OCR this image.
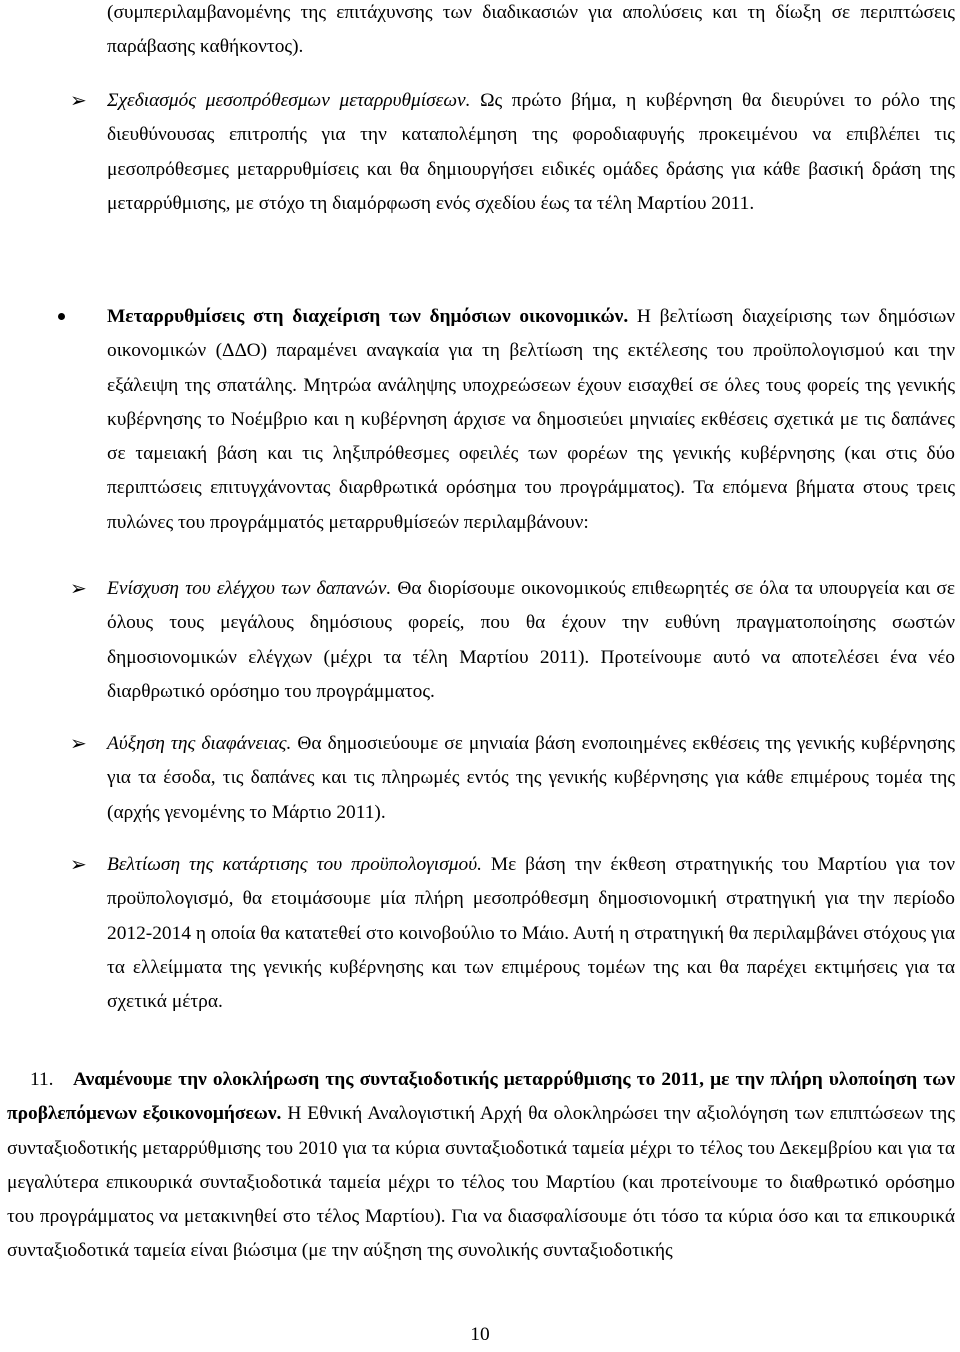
(συμπεριλαμβανομένης της επιτάχυνσης των διαδικασιών για απολύσεις και τη δίωξη σε περιπτώσεις παράβασης καθήκοντος).

➢ Σχεδιασμός μεσοπρόθεσμων μεταρρυθμίσεων. Ως πρώτο βήμα, η κυβέρνηση θα διευρύνει το ρόλο της διευθύνουσας επιτροπής για την καταπολέμηση της φοροδιαφυγής προκειμένου να επιβλέπει τις μεσοπρόθεσμες μεταρρυθμίσεις και θα δημιουργήσει ειδικές ομάδες δράσης για κάθε βασική δράση της μεταρρύθμισης, με στόχο τη διαμόρφωση ενός σχεδίου έως τα τέλη Μαρτίου 2011.

Μεταρρυθμίσεις στη διαχείριση των δημόσιων οικονομικών. Η βελτίωση διαχείρισης των δημόσιων οικονομικών (ΔΔΟ) παραμένει αναγκαία για τη βελτίωση της εκτέλεσης του προϋπολογισμού και την εξάλειψη της σπατάλης. Μητρώα ανάληψης υποχρεώσεων έχουν εισαχθεί σε όλες τους φορείς της γενικής κυβέρνησης το Νοέμβριο και η κυβέρνηση άρχισε να δημοσιεύει μηνιαίες εκθέσεις σχετικά με τις δαπάνες σε ταμειακή βάση και τις ληξιπρόθεσμες οφειλές των φορέων της γενικής κυβέρνησης (και στις δύο περιπτώσεις επιτυγχάνοντας διαρθρωτικά ορόσημα του προγράμματος). Τα επόμενα βήματα στους τρεις πυλώνες του προγράμματός μεταρρυθμίσεών περιλαμβάνουν:

➢ Ενίσχυση του ελέγχου των δαπανών. Θα διορίσουμε οικονομικούς επιθεωρητές σε όλα τα υπουργεία και σε όλους τους μεγάλους δημόσιους φορείς, που θα έχουν την ευθύνη πραγματοποίησης σωστών δημοσιονομικών ελέγχων (μέχρι τα τέλη Μαρτίου 2011). Προτείνουμε αυτό να αποτελέσει ένα νέο διαρθρωτικό ορόσημο του προγράμματος.

➢ Αύξηση της διαφάνειας. Θα δημοσιεύουμε σε μηνιαία βάση ενοποιημένες εκθέσεις της γενικής κυβέρνησης για τα έσοδα, τις δαπάνες και τις πληρωμές εντός της γενικής κυβέρνησης για κάθε επιμέρους τομέα της (αρχής γενομένης το Μάρτιο 2011).

➢ Βελτίωση της κατάρτισης του προϋπολογισμού. Με βάση την έκθεση στρατηγικής του Μαρτίου για τον προϋπολογισμό, θα ετοιμάσουμε μία πλήρη μεσοπρόθεσμη δημοσιονομική στρατηγική για την περίοδο 2012-2014 η οποία θα κατατεθεί στο κοινοβούλιο το Μάιο. Αυτή η στρατηγική θα περιλαμβάνει στόχους για τα ελλείμματα της γενικής κυβέρνησης και των επιμέρους τομέων της και θα παρέχει εκτιμήσεις για τα σχετικά μέτρα.

11.	Αναμένουμε την ολοκλήρωση της συνταξιοδοτικής μεταρρύθμισης το 2011, με την πλήρη υλοποίηση των προβλεπόμενων εξοικονομήσεων. Η Εθνική Αναλογιστική Αρχή θα ολοκληρώσει την αξιολόγηση των επιπτώσεων της συνταξιοδοτικής μεταρρύθμισης του 2010 για τα κύρια συνταξιοδοτικά ταμεία μέχρι το τέλος του Δεκεμβρίου και για τα μεγαλύτερα επικουρικά συνταξιοδοτικά ταμεία μέχρι το τέλος του Μαρτίου (και προτείνουμε το διαθρωτικό ορόσημο του προγράμματος να μετακινηθεί στο τέλος Μαρτίου). Για να διασφαλίσουμε ότι τόσο τα κύρια όσο και τα επικουρικά συνταξιοδοτικά ταμεία είναι βιώσιμα (με την αύξηση της συνολικής συνταξιοδοτικής

10
